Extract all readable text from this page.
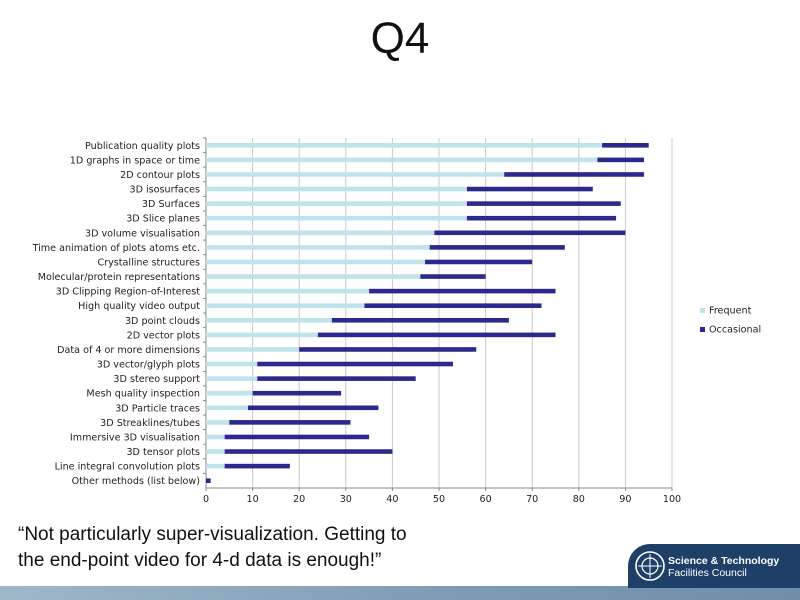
Q4
Publication quality plots
1D graphs in space or time
2D contour plots
3D isosurfaces
3D Surfaces
3D Slice planes
3D volume visualisation
Time animation of plots atoms etc.
Crystalline structures
Molecular/protein representations
3D Clipping Region-of-Interest
High quality video output
3D point clouds
2D vector plots
Data of 4 or more dimensions
3D vector/glyph plots
3D stereo support
Mesh quality inspection
3D Particle traces
3D Streaklines/tubes
Immersive 3D visualisation
3D tensor plots
Line integral convolution plots
Other methods (list below)
0	10	20	30	40	50	60	70	80	90	100
Frequent
Occasional
“Not particularly super-visualization. Getting to
the end-point video for 4-d data is enough!”	Science & Technology
Facilities Council
